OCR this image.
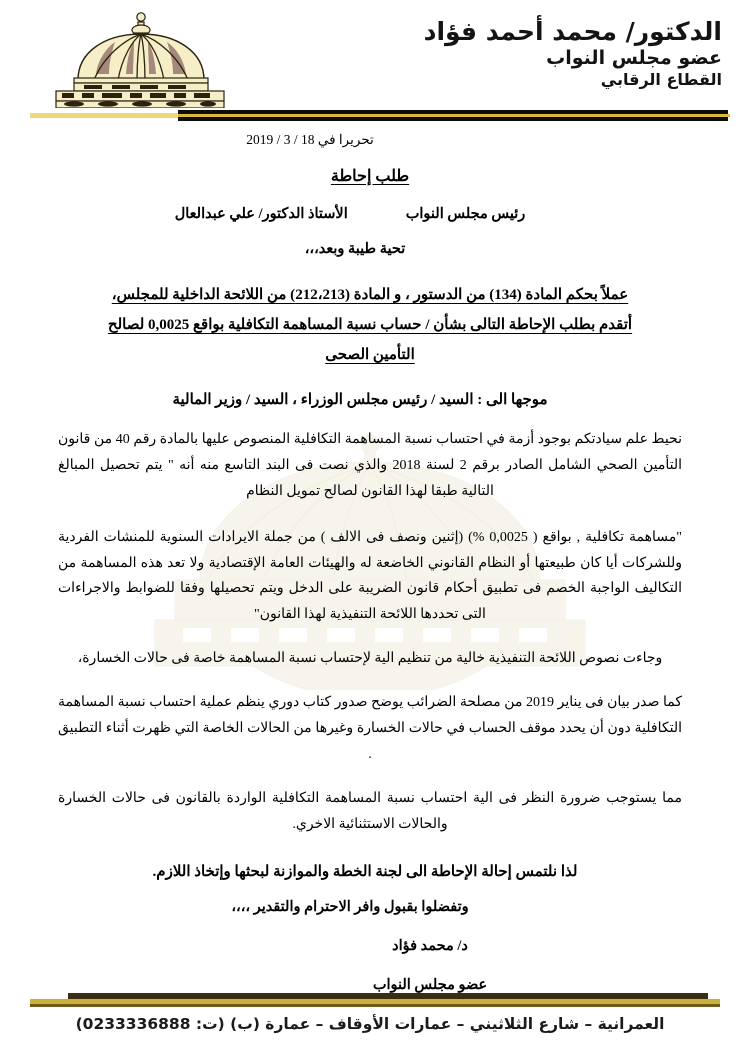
الدكتور/ محمد أحمد فؤاد
عضو مجلس النواب
القطاع الرقابي
تحريرا في 18 / 3 / 2019
طلب إحاطة
رئيس مجلس النواب
الأستاذ الدكتور/ علي عبدالعال
تحية طيبة وبعد،،،
عملاً بحكم المادة (134) من الدستور ، و المادة (212،213) من اللائحة الداخلية للمجلس،
أتقدم بطلب الإحاطة التالى بشأن / حساب نسبة المساهمة التكافلية بواقع 0,0025 لصالح
التأمين الصحى
موجها الى : السيد / رئيس مجلس الوزراء ، السيد / وزير المالية

نحيط علم سيادتكم بوجود أزمة في احتساب نسبة المساهمة التكافلية المنصوص عليها بالمادة رقم 40 من قانون التأمين الصحي الشامل الصادر برقم 2 لسنة 2018 والذي نصت فى البند التاسع منه أنه " يتم تحصيل المبالغ التالية طبقا لهذا القانون لصالح تمويل النظام

"مساهمة تكافلية , بواقع ( 0,0025 %) (إثنين ونصف فى الالف ) من جملة الايرادات السنوية للمنشات الفردية وللشركات أيا كان طبيعتها أو النظام القانوني الخاضعة له والهيئات العامة الإقتصادية ولا تعد هذه المساهمة من التكاليف الواجبة الخصم فى تطبيق أحكام قانون الضريبة على الدخل ويتم تحصيلها وفقا للضوابط والاجراءات التى تحددها اللائحة التنفيذية لهذا القانون"

وجاءت نصوص اللائحة التنفيذية خالية من تنظيم الية لإحتساب نسبة المساهمة خاصة فى حالات الخسارة،

كما صدر بيان فى يناير 2019 من مصلحة الضرائب يوضح صدور كتاب دوري ينظم عملية احتساب نسبة المساهمة التكافلية دون أن يحدد موقف الحساب في حالات الخسارة وغيرها من الحالات الخاصة التي ظهرت أثناء التطبيق .

مما يستوجب ضرورة النظر فى الية احتساب نسبة المساهمة التكافلية الواردة بالقانون فى حالات الخسارة والحالات الاستثنائية الاخري.

لذا نلتمس إحالة الإحاطة الى لجنة الخطة والموازنة لبحثها وإتخاذ اللازم.
وتفضلوا بقبول وافر الاحترام والتقدير ،،،،
د/ محمد فؤاد
عضو مجلس النواب
العمرانية – شارع الثلاثيني – عمارات الأوقاف – عمارة (ب) (ت: 0233336888)
